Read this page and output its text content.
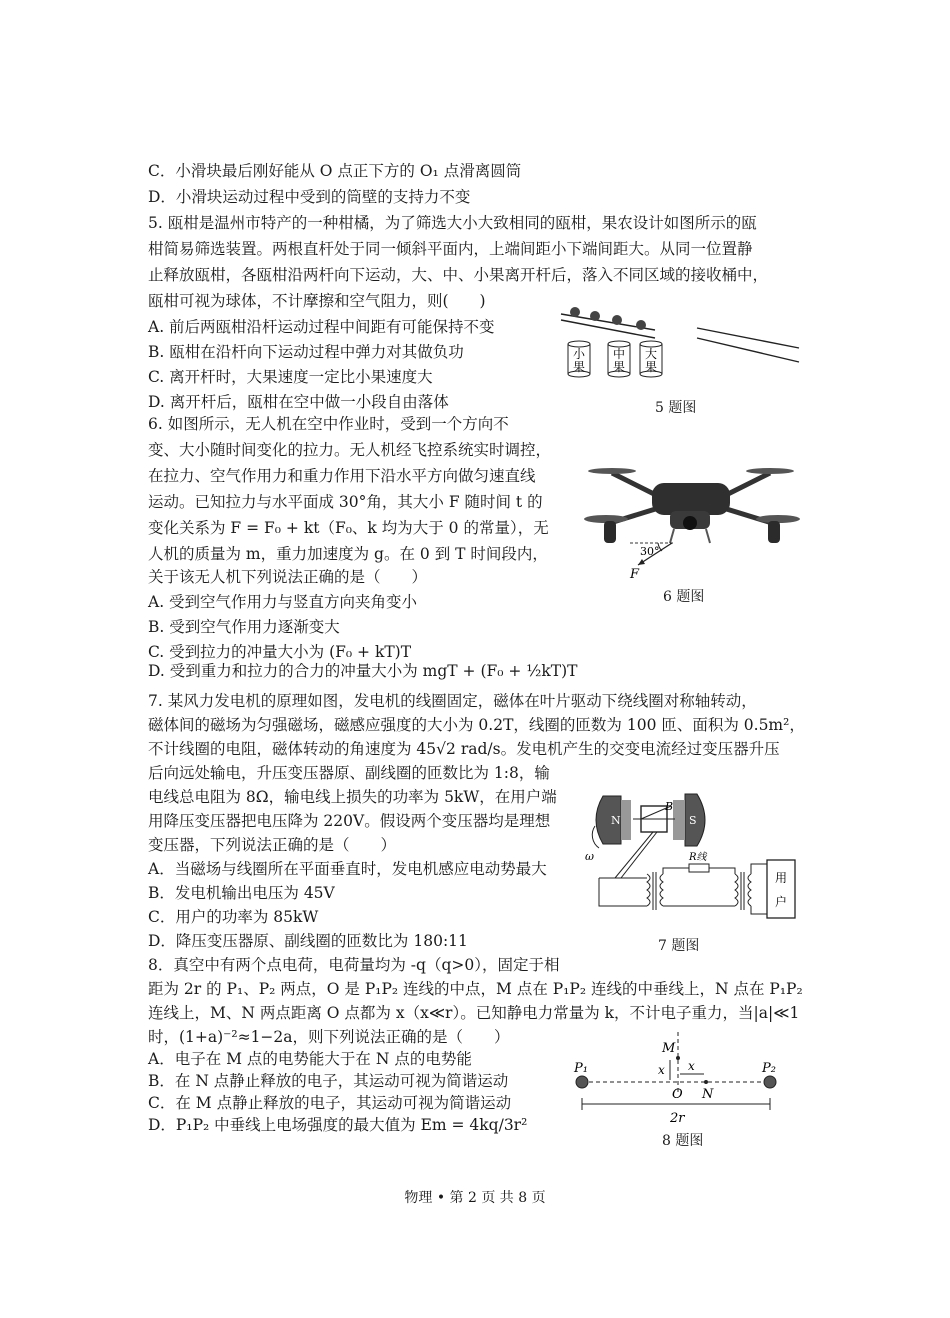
C．小滑块最后刚好能从 O 点正下方的 O₁ 点滑离圆筒
D．小滑块运动过程中受到的筒壁的支持力不变
5. 瓯柑是温州市特产的一种柑橘，为了筛选大小大致相同的瓯柑，果农设计如图所示的瓯
柑简易筛选装置。两根直杆处于同一倾斜平面内，上端间距小下端间距大。从同一位置静
止释放瓯柑，各瓯柑沿两杆向下运动，大、中、小果离开杆后，落入不同区域的接收桶中，
瓯柑可视为球体，不计摩擦和空气阻力，则(　　)
A. 前后两瓯柑沿杆运动过程中间距有可能保持不变
B. 瓯柑在沿杆向下运动过程中弹力对其做负功
C. 离开杆时，大果速度一定比小果速度大
D. 离开杆后，瓯柑在空中做一小段自由落体
小
果
中
果
大
果
5 题图
6. 如图所示，无人机在空中作业时，受到一个方向不
变、大小随时间变化的拉力。无人机经飞控系统实时调控，
在拉力、空气作用力和重力作用下沿水平方向做匀速直线
运动。已知拉力与水平面成 30°角，其大小 F 随时间 t 的
变化关系为 F = F₀ + kt（F₀、k 均为大于 0 的常量），无
人机的质量为 m，重力加速度为 g。在 0 到 T 时间段内，
关于该无人机下列说法正确的是（　　）
A. 受到空气作用力与竖直方向夹角变小
B. 受到空气作用力逐渐变大
C. 受到拉力的冲量大小为 (F₀ + kT)T
D. 受到重力和拉力的合力的冲量大小为 mgT + (F₀ + ½kT)T
30°
F
6 题图
7. 某风力发电机的原理如图，发电机的线圈固定，磁体在叶片驱动下绕线圈对称轴转动，
磁体间的磁场为匀强磁场，磁感应强度的大小为 0.2T，线圈的匝数为 100 匝、面积为 0.5m²，
不计线圈的电阻，磁体转动的角速度为 45√2 rad/s。发电机产生的交变电流经过变压器升压
后向远处输电，升压变压器原、副线圈的匝数比为 1:8，输
电线总电阻为 8Ω，输电线上损失的功率为 5kW，在用户端
用降压变压器把电压降为 220V。假设两个变压器均是理想
变压器，下列说法正确的是（　　）
A．当磁场与线圈所在平面垂直时，发电机感应电动势最大
B．发电机输出电压为 45V
C．用户的功率为 85kW
D．降压变压器原、副线圈的匝数比为 180:11
N	S
B
ω	R线
用
户
7 题图
8．真空中有两个点电荷，电荷量均为 -q（q>0），固定于相
距为 2r 的 P₁、P₂ 两点，O 是 P₁P₂ 连线的中点，M 点在 P₁P₂ 连线的中垂线上，N 点在 P₁P₂
连线上，M、N 两点距离 O 点都为 x（x≪r）。已知静电力常量为 k，不计电子重力，当|a|≪1
时，(1+a)⁻²≈1−2a，则下列说法正确的是（　　）
A．电子在 M 点的电势能大于在 N 点的电势能
B．在 N 点静止释放的电子，其运动可视为简谐运动
C．在 M 点静止释放的电子，其运动可视为简谐运动
D．P₁P₂ 中垂线上电场强度的最大值为 Em = 4kq/3r²
P₁	P₂
M
x x
O N
2r
8 题图
物理 • 第 2 页 共 8 页
